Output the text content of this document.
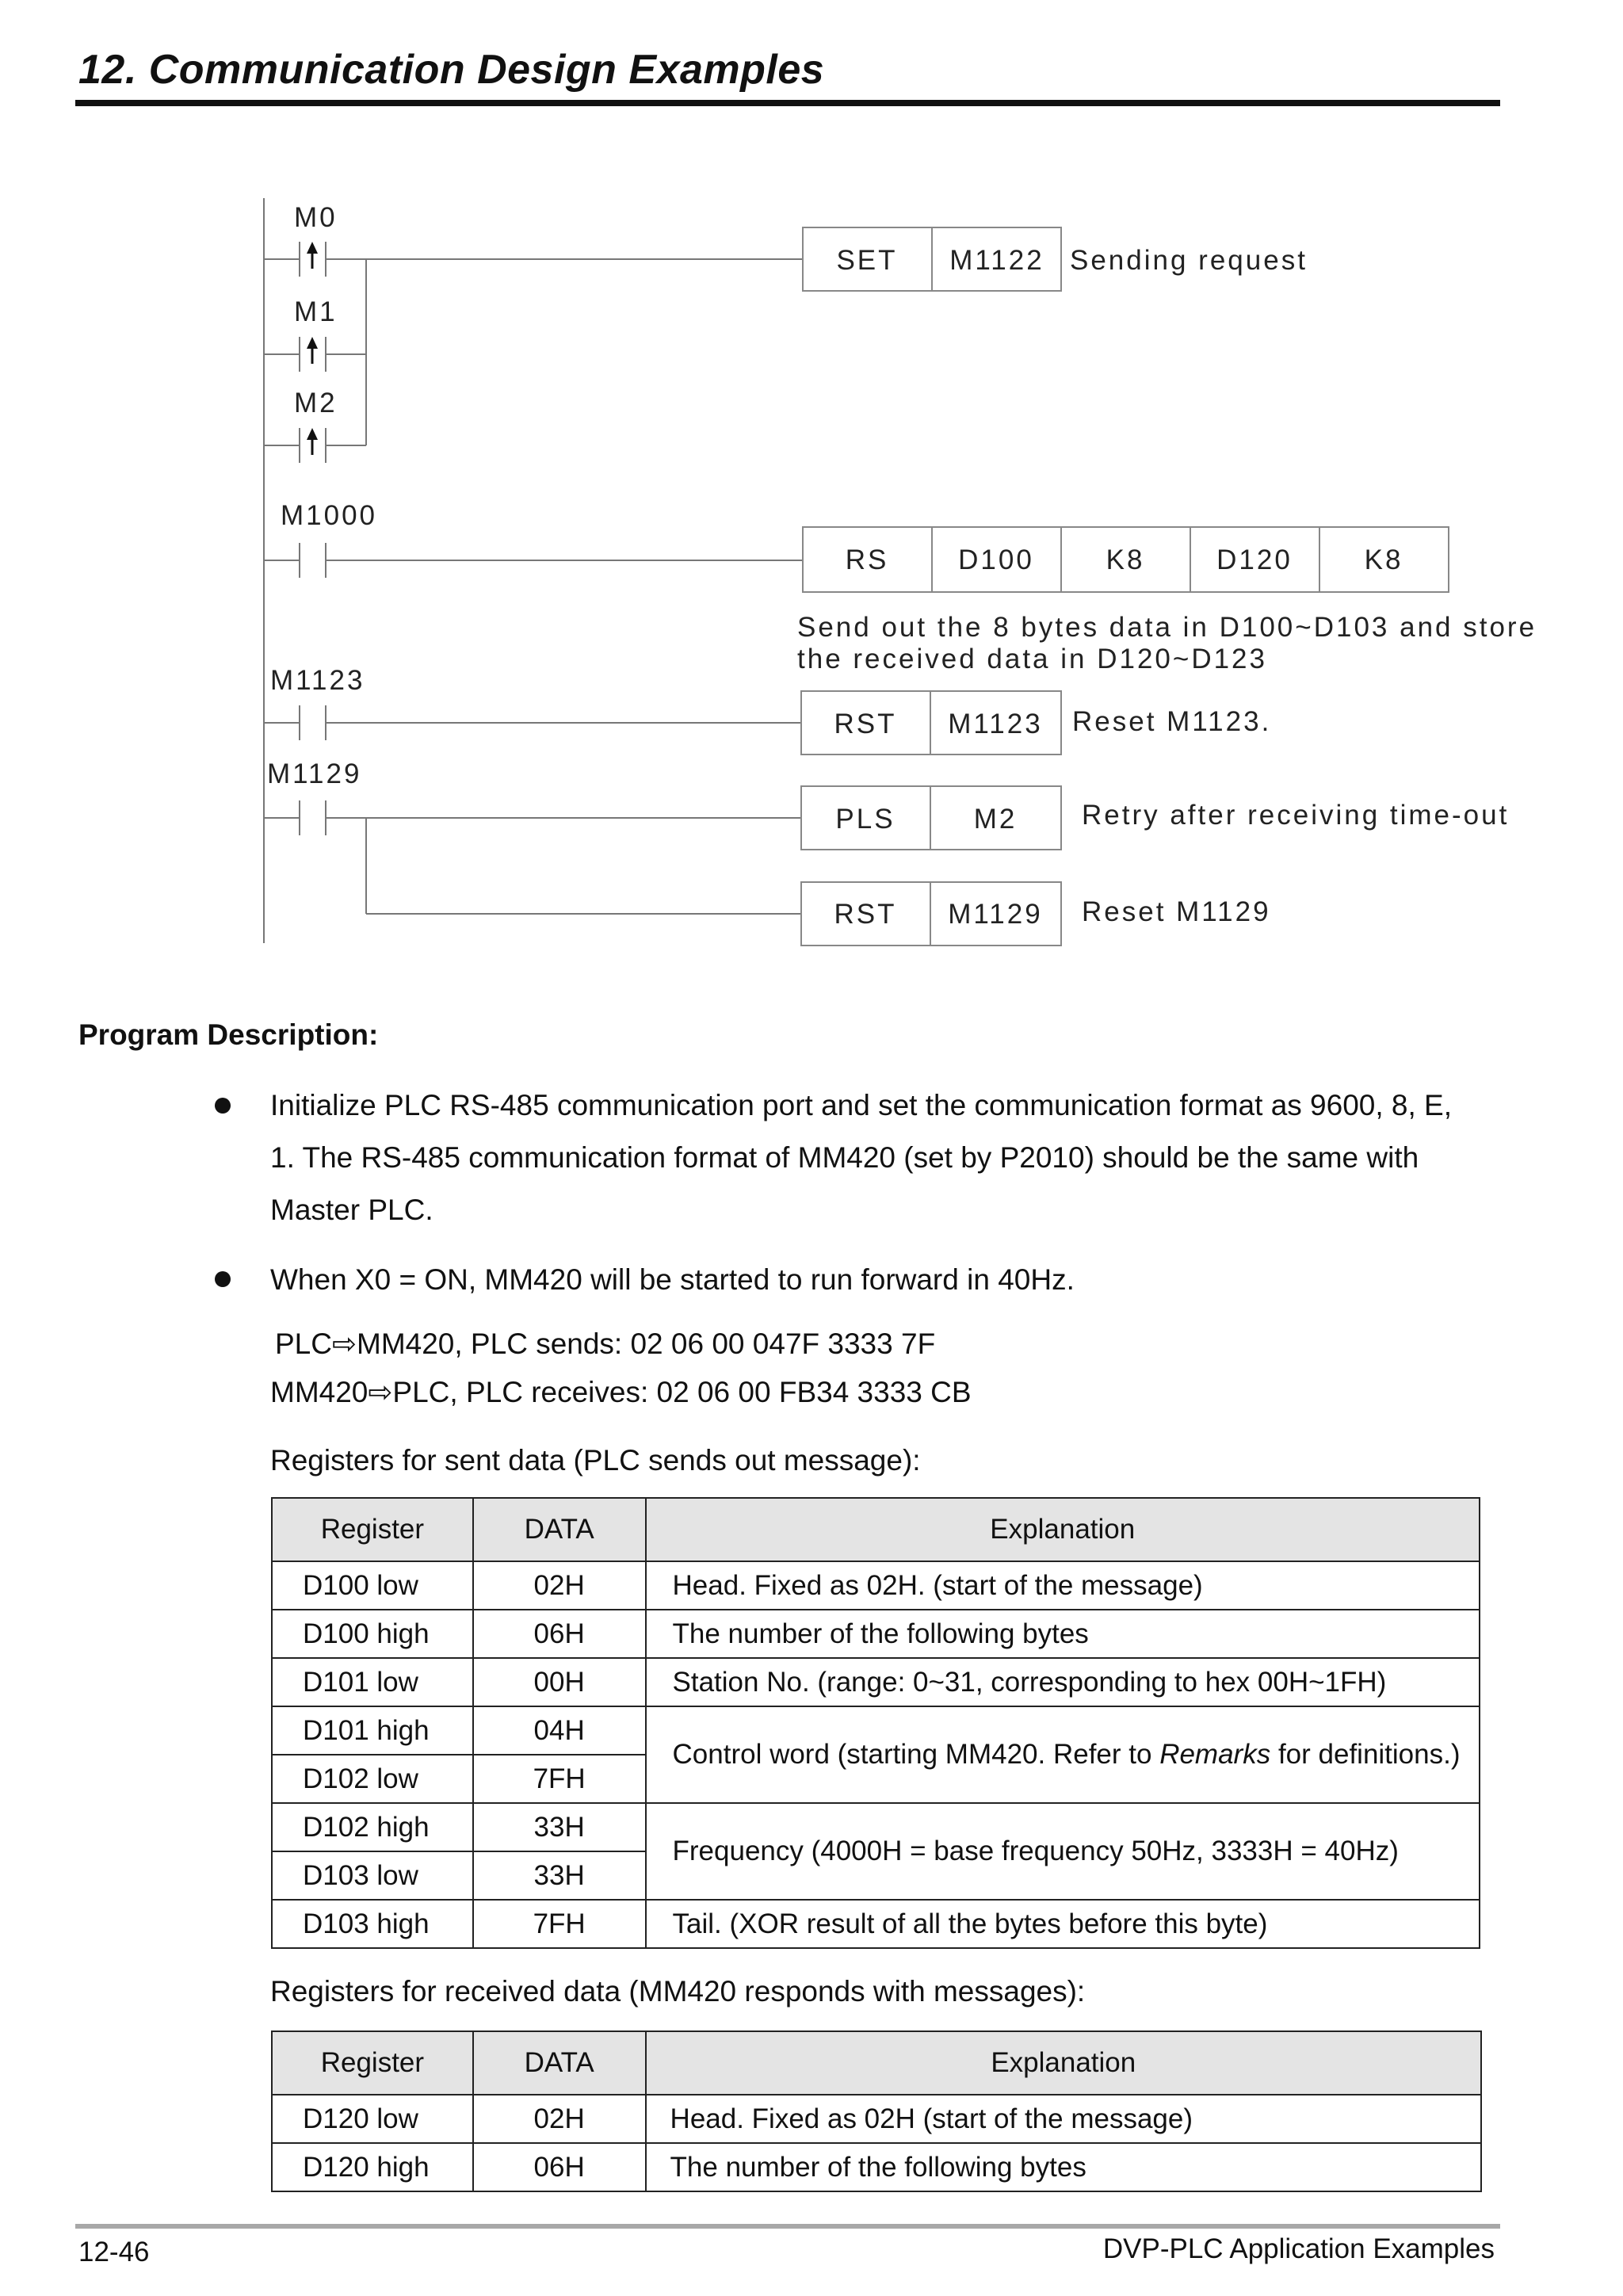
12. Communication Design Examples
M0
M1
M2
M1000
M1123
M1129
SET M1122 Sending request
RS	D100	K8	D120	K8
Send out the 8 bytes data in D100~D103 and store
the received data in D120~D123
RST M1123 Reset M1123.
PLS	M2 Retry after receiving time-out
RST M1129 Reset M1129
Program Description:
Initialize PLC RS-485 communication port and set the communication format as 9600, 8, E,
1. The RS-485 communication format of MM420 (set by P2010) should be the same with
Master PLC.
When X0 = ON, MM420 will be started to run forward in 40Hz.
PLC⇨MM420, PLC sends: 02 06 00 047F 3333 7F
MM420⇨PLC, PLC receives: 02 06 00 FB34 3333 CB
Registers for sent data (PLC sends out message):
Register	DATA	Explanation
D100 low	02H	Head. Fixed as 02H. (start of the message)
D100 high	06H	The number of the following bytes
D101 low	00H	Station No. (range: 0~31, corresponding to hex 00H~1FH)
D101 high	04H	Control word (starting MM420. Refer to Remarks for definitions.)
D102 low	7FH	
D102 high	33H	Frequency (4000H = base frequency 50Hz, 3333H = 40Hz)
D103 low	33H	
D103 high	7FH	Tail. (XOR result of all the bytes before this byte)
Registers for received data (MM420 responds with messages):
Register	DATA	Explanation
D120 low	02H	Head. Fixed as 02H (start of the message)
D120 high	06H	The number of the following bytes
12-46	DVP-PLC Application Examples
